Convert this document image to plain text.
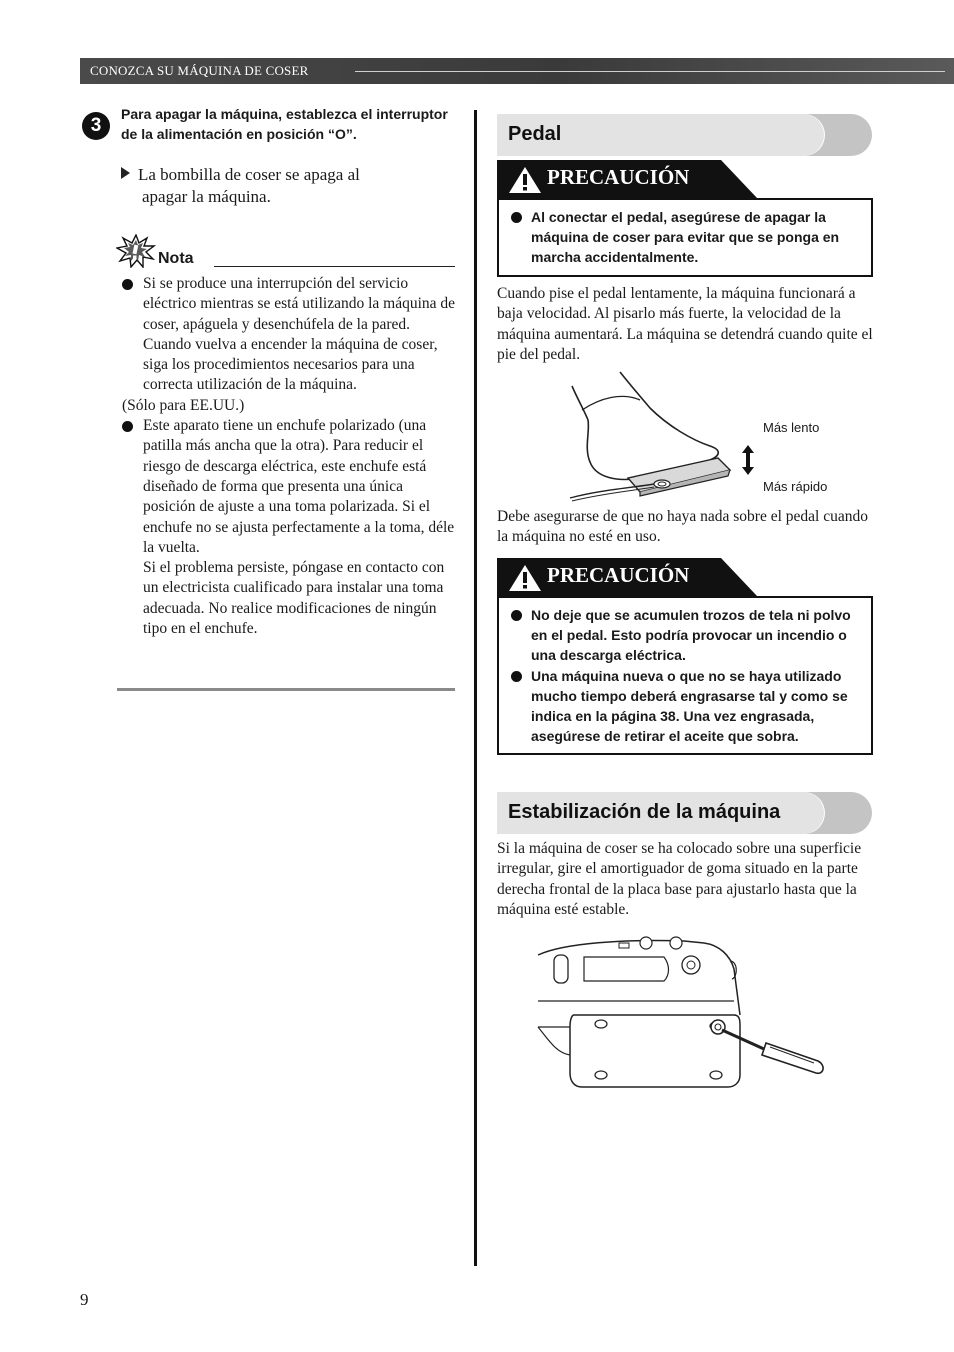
CONOZCA SU MÁQUINA DE COSER
3
Para apagar la máquina, establezca el interruptor de la alimentación en posición “O”.
La bombilla de coser se apaga al
apagar la máquina.
Nota
Si se produce una interrupción del servicio eléctrico mientras se está utilizando la máquina de coser, apáguela y desenchúfela de la pared. Cuando vuelva a encender la máquina de coser, siga los procedimientos necesarios para una correcta utilización de la máquina.
(Sólo para EE.UU.)
Este aparato tiene un enchufe polarizado (una patilla más ancha que la otra). Para reducir el riesgo de descarga eléctrica, este enchufe está diseñado de forma que presenta una única posición de ajuste a una toma polarizada. Si el enchufe no se ajusta perfectamente a la toma, déle la vuelta.
Si el problema persiste, póngase en contacto con un electricista cualificado para instalar una toma adecuada. No realice modificaciones de ningún tipo en el enchufe.
Pedal
PRECAUCIÓN
Al conectar el pedal, asegúrese de apagar la máquina de coser para evitar que se ponga en marcha accidentalmente.
Cuando pise el pedal lentamente, la máquina funcionará a baja velocidad. Al pisarlo más fuerte, la velocidad de la máquina aumentará. La máquina se detendrá cuando quite el pie del pedal.
Más lento
Más rápido
Debe asegurarse de que no haya nada sobre el pedal cuando la máquina no esté en uso.
PRECAUCIÓN
No deje que se acumulen trozos de tela ni polvo en el pedal. Esto podría provocar un incendio o una descarga eléctrica.
Una máquina nueva o que no se haya utilizado mucho tiempo deberá engrasarse tal y como se indica en la página 38. Una vez engrasada, asegúrese de retirar el aceite que sobra.
Estabilización de la máquina
Si la máquina de coser se ha colocado sobre una superficie irregular, gire el amortiguador de goma situado en la parte derecha frontal de la placa base para ajustarlo hasta que la máquina esté estable.
9
